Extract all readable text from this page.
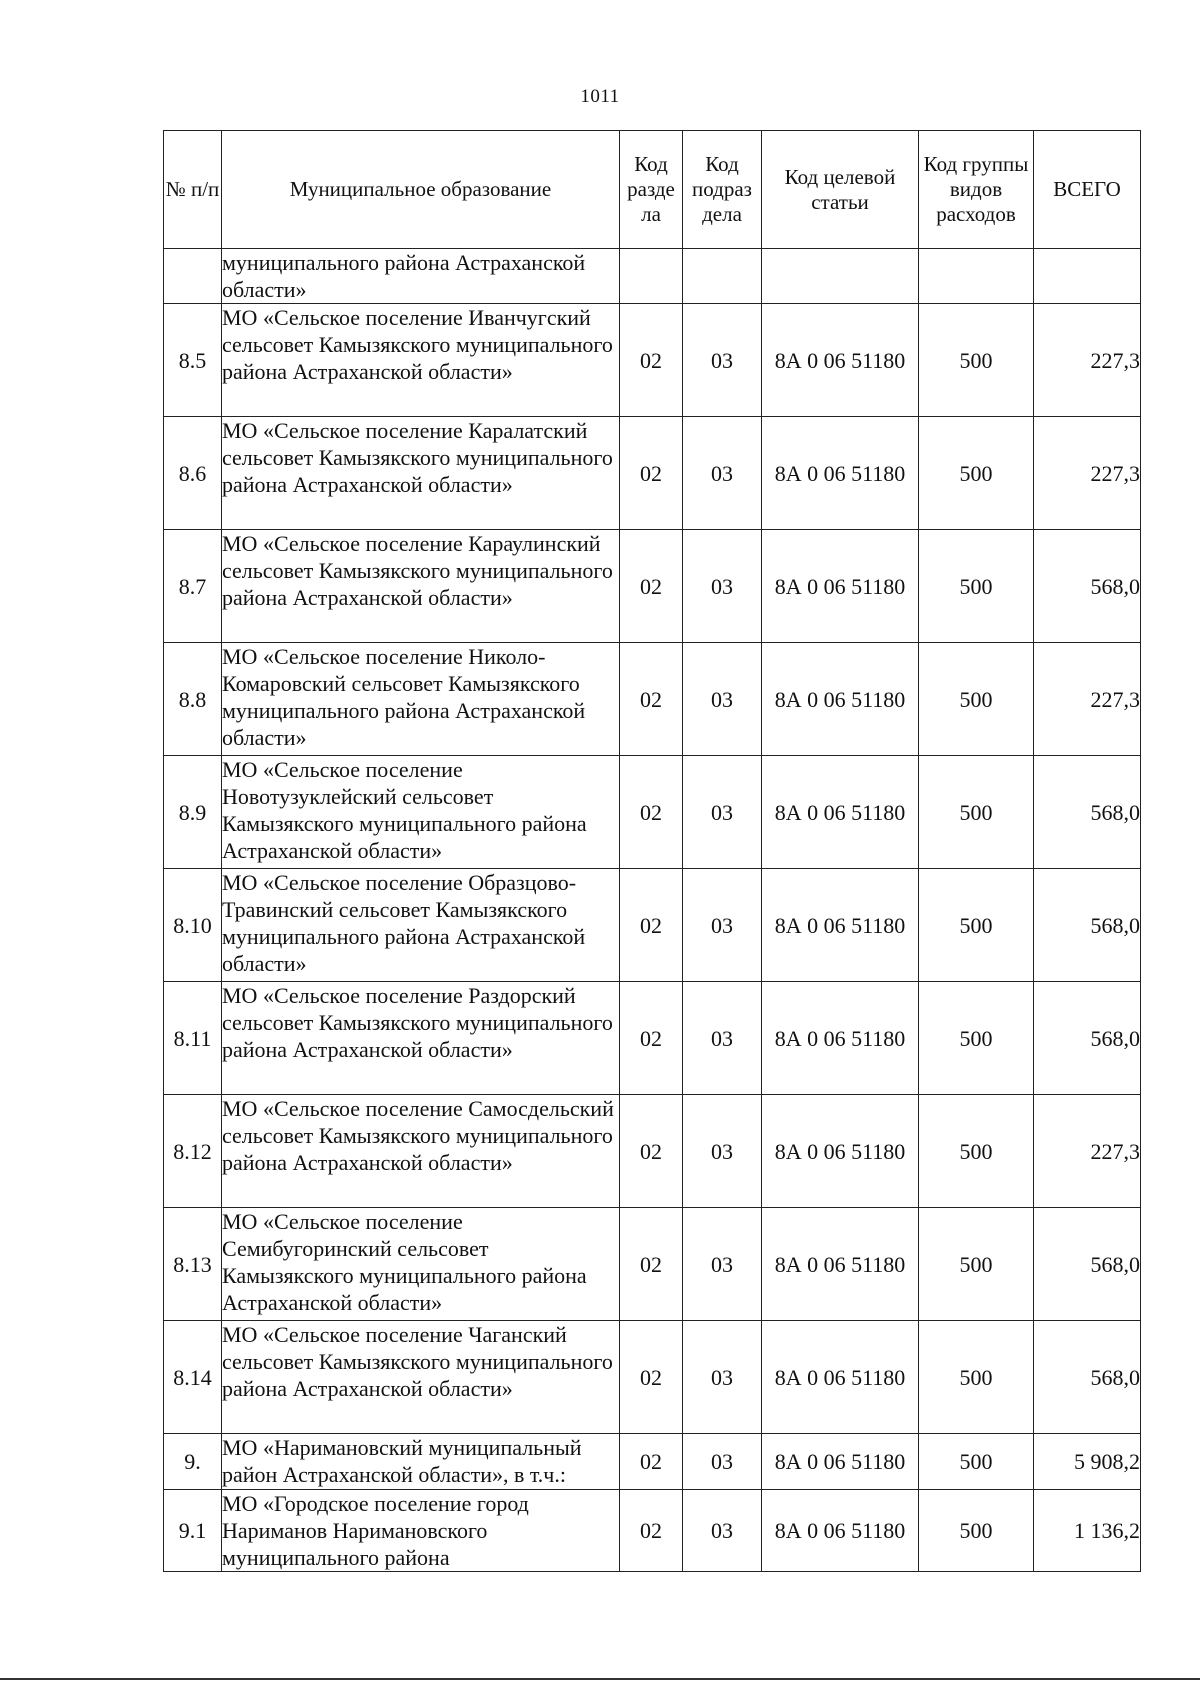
1011
№ п/п	Муниципальное образование	Код разде ла	Код подраз дела	Код целевой статьи	Код группы видов расходов	ВСЕГО
	муниципального района Астраханской области»					
8.5	МО «Сельское поселение Иванчугский сельсовет Камызякского муниципального района Астраханской области»	02	03	8А 0 06 51180	500	227,3
8.6	МО «Сельское поселение Каралатский сельсовет Камызякского муниципального района Астраханской области»	02	03	8А 0 06 51180	500	227,3
8.7	МО «Сельское поселение Караулинский сельсовет Камызякского муниципального района Астраханской области»	02	03	8А 0 06 51180	500	568,0
8.8	МО «Сельское поселение Николо-Комаровский сельсовет Камызякского муниципального района Астраханской области»	02	03	8А 0 06 51180	500	227,3
8.9	МО «Сельское поселение Новотузуклейский сельсовет Камызякского муниципального района Астраханской области»	02	03	8А 0 06 51180	500	568,0
8.10	МО «Сельское поселение Образцово-Травинский сельсовет Камызякского муниципального района Астраханской области»	02	03	8А 0 06 51180	500	568,0
8.11	МО «Сельское поселение Раздорский сельсовет Камызякского муниципального района Астраханской области»	02	03	8А 0 06 51180	500	568,0
8.12	МО «Сельское поселение Самосдельский сельсовет Камызякского муниципального района Астраханской области»	02	03	8А 0 06 51180	500	227,3
8.13	МО «Сельское поселение Семибугоринский сельсовет Камызякского муниципального района Астраханской области»	02	03	8А 0 06 51180	500	568,0
8.14	МО «Сельское поселение Чаганский сельсовет Камызякского муниципального района Астраханской области»	02	03	8А 0 06 51180	500	568,0
9.	МО «Наримановский муниципальный район Астраханской области», в т.ч.:	02	03	8А 0 06 51180	500	5 908,2
9.1	МО «Городское поселение город Нариманов Наримановского муниципального района	02	03	8А 0 06 51180	500	1 136,2
